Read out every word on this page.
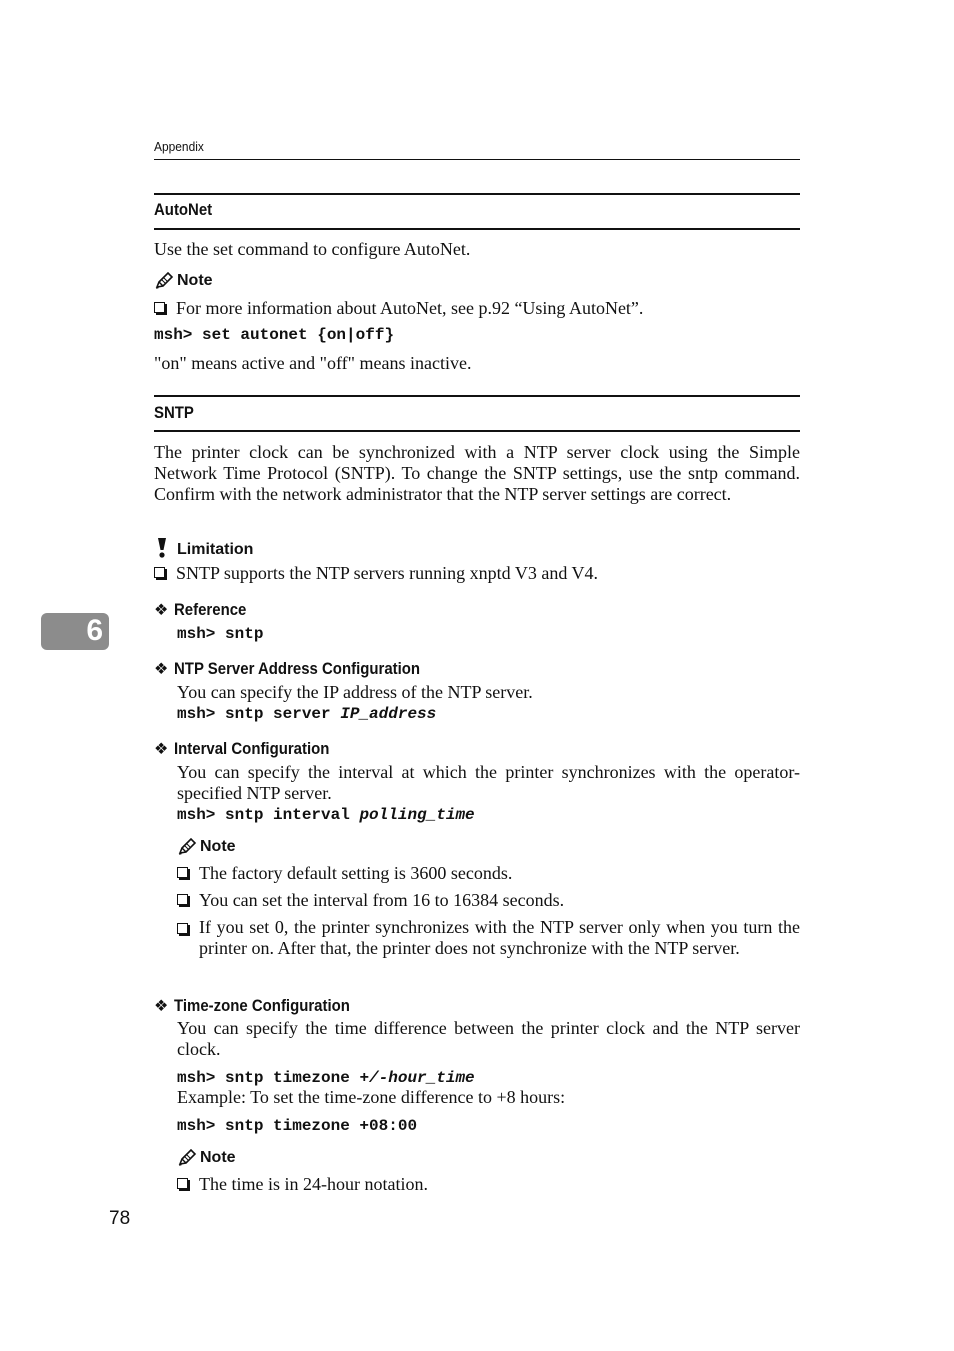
Appendix
6
AutoNet
Use the set command to configure AutoNet.
Note
For more information about AutoNet, see p.92 “Using AutoNet”.
msh> set autonet {on|off}
"on" means active and "off" means inactive.
SNTP
The printer clock can be synchronized with a NTP server clock using the Simple Network Time Protocol (SNTP). To change the SNTP settings, use the sntp command. Confirm with the network administrator that the NTP server settings are correct.
Limitation
SNTP supports the NTP servers running xnptd V3 and V4.
❖ Reference
msh> sntp
❖ NTP Server Address Configuration
You can specify the IP address of the NTP server.
msh> sntp server IP_address
❖ Interval Configuration
You can specify the interval at which the printer synchronizes with the operator-specified NTP server.
msh> sntp interval polling_time
Note
The factory default setting is 3600 seconds.
You can set the interval from 16 to 16384 seconds.
If you set 0, the printer synchronizes with the NTP server only when you turn the printer on. After that, the printer does not synchronize with the NTP server.
❖ Time-zone Configuration
You can specify the time difference between the printer clock and the NTP server clock.
msh> sntp timezone +/-hour_time
Example: To set the time-zone difference to +8 hours:
msh> sntp timezone +08:00
Note
The time is in 24-hour notation.
78
